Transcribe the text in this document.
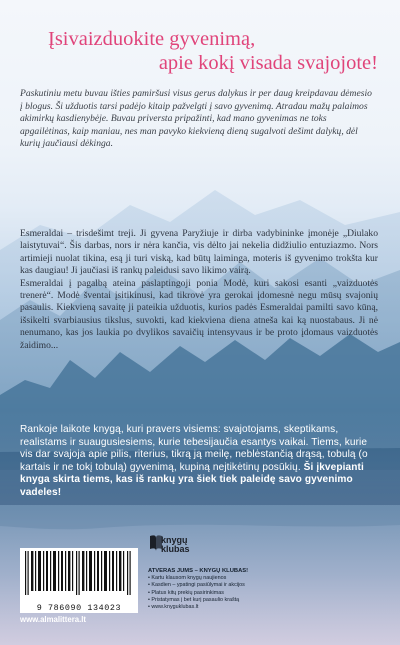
Įsivaizduokite gyvenimą,
apie kokį visada svajojote!

Paskutiniu metu buvau išties pamiršusi visus gerus dalykus ir per daug kreipdavau dėmesio į blogus. Ši užduotis tarsi padėjo kitaip pažvelgti į savo gyvenimą. Atradau mažų palaimos akimirkų kasdienybėje. Buvau priversta pripažinti, kad mano gyvenimas ne toks apgailėtinas, kaip maniau, nes man pavyko kiekvieną dieną sugalvoti dešimt dalykų, dėl kurių jaučiausi dėkinga.

Esmeraldai – trisdešimt treji. Ji gyvena Paryžiuje ir dirba vadybininke įmonėje „Diulako laistytuvai“. Šis darbas, nors ir nėra kančia, vis dėlto jai nekelia didžiulio entuziazmo. Nors artimieji nuolat tikina, esą ji turi viską, kad būtų laiminga, moteris iš gyvenimo trokšta kur kas daugiau! Ji jaučiasi iš rankų paleidusi savo likimo vairą.

Esmeraldai į pagalbą ateina paslaptingoji ponia Modė, kuri sakosi esanti „vaizduotės trenerė“. Modė šventai įsitikinusi, kad tikrovė yra gerokai įdomesnė negu mūsų svajonių pasaulis. Kiekvieną savaitę ji pateikia užduotis, kurios padės Esmeraldai pamilti savo kūną, išsikelti svarbiausius tikslus, suvokti, kad kiekviena diena atneša kai ką nuostabaus. Ji nė nenumano, kas jos laukia po dvylikos savaičių intensyvaus ir be proto įdomaus vaizduotės žaidimo...

Rankoje laikote knygą, kuri pravers visiems: svajotojams, skeptikams, realistams ir suaugusiesiems, kurie tebesijaučia esantys vaikai. Tiems, kurie vis dar svajoja apie pilis, riterius, tikrą ją meilę, neblėstančią drąsą, tobulą (o kartais ir ne tokį tobulą) gyvenimą, kupiną nejtikėtinų posūkių. Ši įkvepianti knyga skirta tiems, kas iš rankų yra šiek tiek paleidę savo gyvenimo vadeles!

9 786090 134023
www.almalittera.lt
knygų
klubas
ATVERAS JUMS – KNYGŲ KLUBAS!
• Kartu klausom knygų naujienos
• Kasdien – ypatingi pasiūlymai ir akcijos
• Platus kitų prekių pasirinkimas
• Pristatymas į bet kurį pasaulio kraštą
• www.knyguklubas.lt
